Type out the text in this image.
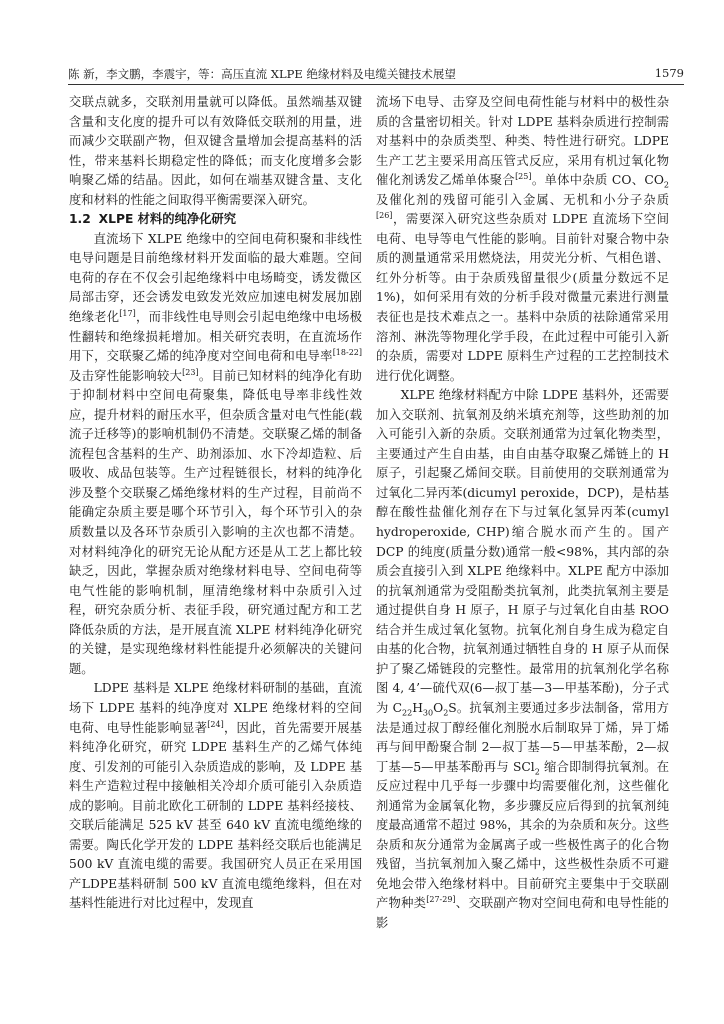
陈 新，李文鹏，李震宇，等：高压直流 XLPE 绝缘材料及电缆关键技术展望	1579

交联点就多，交联剂用量就可以降低。虽然端基双键含量和支化度的提升可以有效降低交联剂的用量，进而减少交联副产物，但双键含量增加会提高基料的活性，带来基料长期稳定性的降低；而支化度增多会影响聚乙烯的结晶。因此，如何在端基双键含量、支化度和材料的性能之间取得平衡需要深入研究。

1.2 XLPE 材料的纯净化研究

直流场下 XLPE 绝缘中的空间电荷积聚和非线性电导问题是目前绝缘材料开发面临的最大难题。空间电荷的存在不仅会引起绝缘料中电场畸变，诱发微区局部击穿，还会诱发电致发光效应加速电树发展加剧绝缘老化[17]，而非线性电导则会引起电绝缘中电场极性翻转和绝缘损耗增加。相关研究表明，在直流场作用下，交联聚乙烯的纯净度对空间电荷和电导率[18-22]及击穿性能影响较大[23]。目前已知材料的纯净化有助于抑制材料中空间电荷聚集，降低电导率非线性效应，提升材料的耐压水平，但杂质含量对电气性能(载流子迁移等)的影响机制仍不清楚。交联聚乙烯的制备流程包含基料的生产、助剂添加、水下冷却造粒、后吸收、成品包装等。生产过程链很长，材料的纯净化涉及整个交联聚乙烯绝缘材料的生产过程，目前尚不能确定杂质主要是哪个环节引入，每个环节引入的杂质数量以及各环节杂质引入影响的主次也都不清楚。对材料纯净化的研究无论从配方还是从工艺上都比较缺乏，因此，掌握杂质对绝缘材料电导、空间电荷等电气性能的影响机制，厘清绝缘材料中杂质引入过程，研究杂质分析、表征手段，研究通过配方和工艺降低杂质的方法，是开展直流 XLPE 材料纯净化研究的关键，是实现绝缘材料性能提升必须解决的关键问题。

LDPE 基料是 XLPE 绝缘材料研制的基础，直流场下 LDPE 基料的纯净度对 XLPE 绝缘材料的空间电荷、电导性能影响显著[24]，因此，首先需要开展基料纯净化研究，研究 LDPE 基料生产的乙烯气体纯度、引发剂的可能引入杂质造成的影响，及 LDPE 基料生产造粒过程中接触相关冷却介质可能引入杂质造成的影响。目前北欧化工研制的 LDPE 基料经接枝、交联后能满足 525 kV 甚至 640 kV 直流电缆绝缘的需要。陶氏化学开发的 LDPE 基料经交联后也能满足 500 kV 直流电缆的需要。我国研究人员正在采用国产LDPE基料研制 500 kV 直流电缆绝缘料，但在对基料性能进行对比过程中，发现直

流场下电导、击穿及空间电荷性能与材料中的极性杂质的含量密切相关。针对 LDPE 基料杂质进行控制需对基料中的杂质类型、种类、特性进行研究。LDPE 生产工艺主要采用高压管式反应，采用有机过氧化物催化剂诱发乙烯单体聚合[25]。单体中杂质 CO、$CO_2$ 及催化剂的残留可能引入金属、无机和小分子杂质[26]，需要深入研究这些杂质对 LDPE 直流场下空间电荷、电导等电气性能的影响。目前针对聚合物中杂质的测量通常采用燃烧法，用荧光分析、气相色谱、红外分析等。由于杂质残留量很少(质量分数远不足 1%)，如何采用有效的分析手段对微量元素进行测量表征也是技术难点之一。基料中杂质的祛除通常采用溶剂、淋洗等物理化学手段，在此过程中可能引入新的杂质，需要对 LDPE 原料生产过程的工艺控制技术进行优化调整。

XLPE 绝缘材料配方中除 LDPE 基料外，还需要加入交联剂、抗氧剂及纳米填充剂等，这些助剂的加入可能引入新的杂质。交联剂通常为过氧化物类型，主要通过产生自由基，由自由基夺取聚乙烯链上的 H 原子，引起聚乙烯间交联。目前使用的交联剂通常为过氧化二异丙苯(dicumyl peroxide，DCP)，是枯基醇在酸性盐催化剂存在下与过氧化氢异丙苯(cumyl hydroperoxide, CHP)缩合脱水而产生的。国产 DCP 的纯度(质量分数)通常一般<98%，其内部的杂质会直接引入到 XLPE 绝缘料中。XLPE 配方中添加的抗氧剂通常为受阻酚类抗氧剂，此类抗氧剂主要是通过提供自身 H 原子，H 原子与过氧化自由基 ROO 结合并生成过氧化氢物。抗氧化剂自身生成为稳定自由基的化合物，抗氧剂通过牺牲自身的 H 原子从而保护了聚乙烯链段的完整性。最常用的抗氧剂化学名称图 4, 4’—硫代双(6—叔丁基—3—甲基苯酚)，分子式为 $C_{22}H_{30}O_2S$。抗氧剂主要通过多步法制备，常用方法是通过叔丁醇经催化剂脱水后制取异丁烯，异丁烯再与间甲酚聚合制 2—叔丁基—5—甲基苯酚，2—叔丁基—5—甲基苯酚再与 SCl$_2$ 缩合即制得抗氧剂。在反应过程中几乎每一步骤中均需要催化剂，这些催化剂通常为金属氧化物，多步骤反应后得到的抗氧剂纯度最高通常不超过 98%，其余的为杂质和灰分。这些杂质和灰分通常为金属离子或一些极性离子的化合物残留，当抗氧剂加入聚乙烯中，这些极性杂质不可避免地会带入绝缘材料中。目前研究主要集中于交联副产物种类[27-29]、交联副产物对空间电荷和电导性能的影
